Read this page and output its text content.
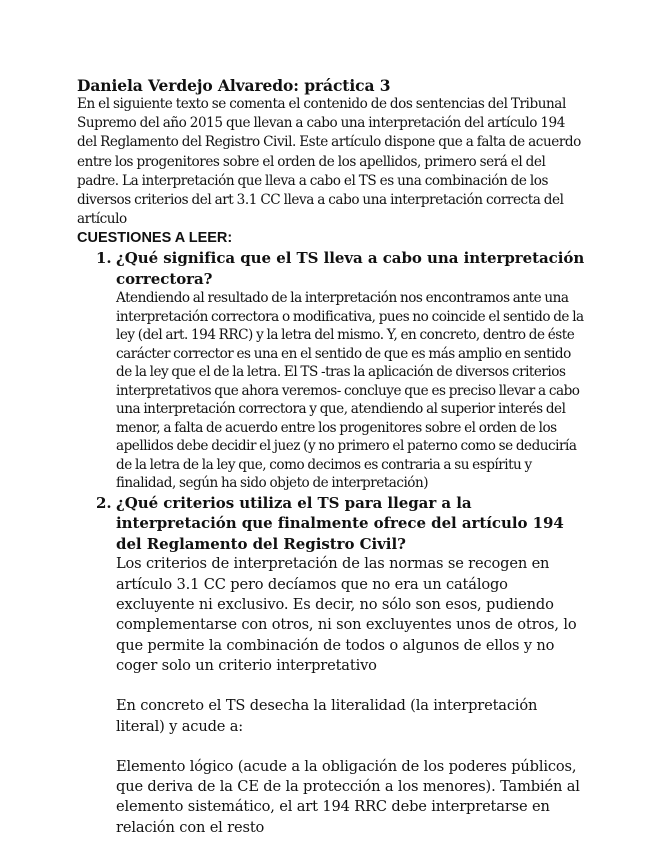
Daniela Verdejo Alvaredo: práctica 3

En el siguiente texto se comenta el contenido de dos sentencias del Tribunal Supremo del año 2015 que llevan a cabo una interpretación del artículo 194 del Reglamento del Registro Civil. Este artículo dispone que a falta de acuerdo entre los progenitores sobre el orden de los apellidos, primero será el del padre. La interpretación que lleva a cabo el TS es una combinación de los diversos criterios del art 3.1 CC lleva a cabo una interpretación correcta del artículo

CUESTIONES A LEER:

1. ¿Qué significa que el TS lleva a cabo una interpretación correctora?

Atendiendo al resultado de la interpretación nos encontramos ante una interpretación correctora o modificativa, pues no coincide el sentido de la ley (del art. 194 RRC) y la letra del mismo. Y, en concreto, dentro de éste carácter corrector es una en el sentido de que es más amplio en sentido de la ley que el de la letra. El TS -tras la aplicación de diversos criterios interpretativos que ahora veremos- concluye que es preciso llevar a cabo una interpretación correctora y que, atendiendo al superior interés del menor, a falta de acuerdo entre los progenitores sobre el orden de los apellidos debe decidir el juez (y no primero el paterno como se deduciría de la letra de la ley que, como decimos es contraria a su espíritu y finalidad, según ha sido objeto de interpretación)

2. ¿Qué criterios utiliza el TS para llegar a la interpretación que finalmente ofrece del artículo 194 del Reglamento del Registro Civil?

Los criterios de interpretación de las normas se recogen en artículo 3.1 CC pero decíamos que no era un catálogo excluyente ni exclusivo. Es decir, no sólo son esos, pudiendo complementarse con otros, ni son excluyentes unos de otros, lo que permite la combinación de todos o algunos de ellos y no coger solo un criterio interpretativo

En concreto el TS desecha la literalidad (la interpretación literal) y acude a:

Elemento lógico (acude a la obligación de los poderes públicos, que deriva de la CE de la protección a los menores). También al elemento sistemático, el art 194 RRC debe interpretarse en relación con el resto
